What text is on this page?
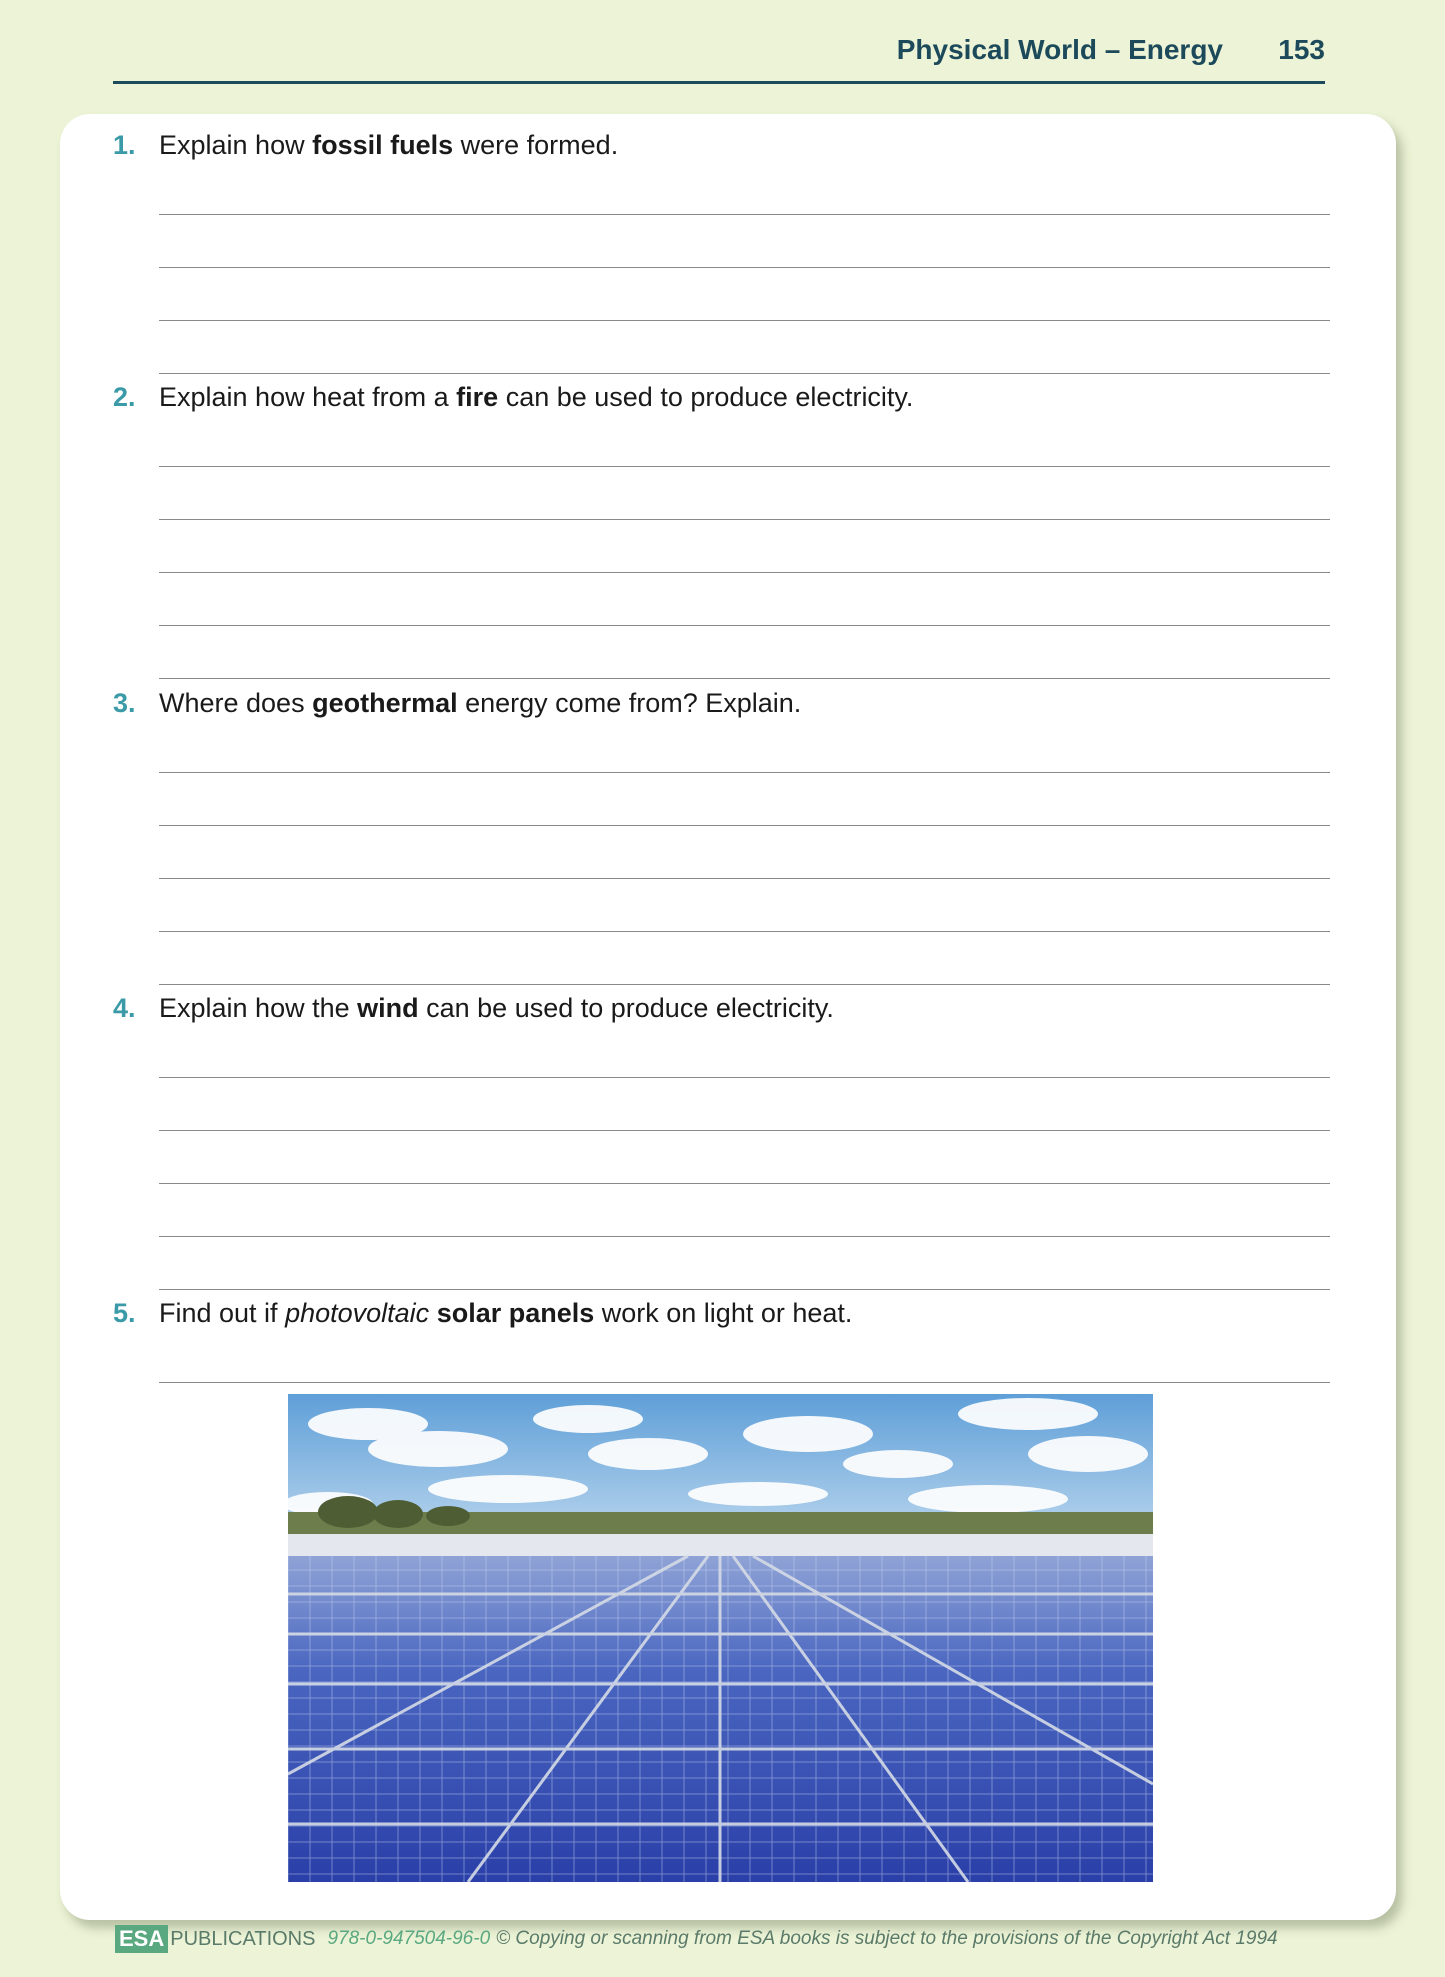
Physical World – Energy 153
1. Explain how fossil fuels were formed.
2. Explain how heat from a fire can be used to produce electricity.
3. Where does geothermal energy come from? Explain.
4. Explain how the wind can be used to produce electricity.
5. Find out if photovoltaic solar panels work on light or heat.
ESA PUBLICATIONS 978-0-947504-96-0 © Copying or scanning from ESA books is subject to the provisions of the Copyright Act 1994
